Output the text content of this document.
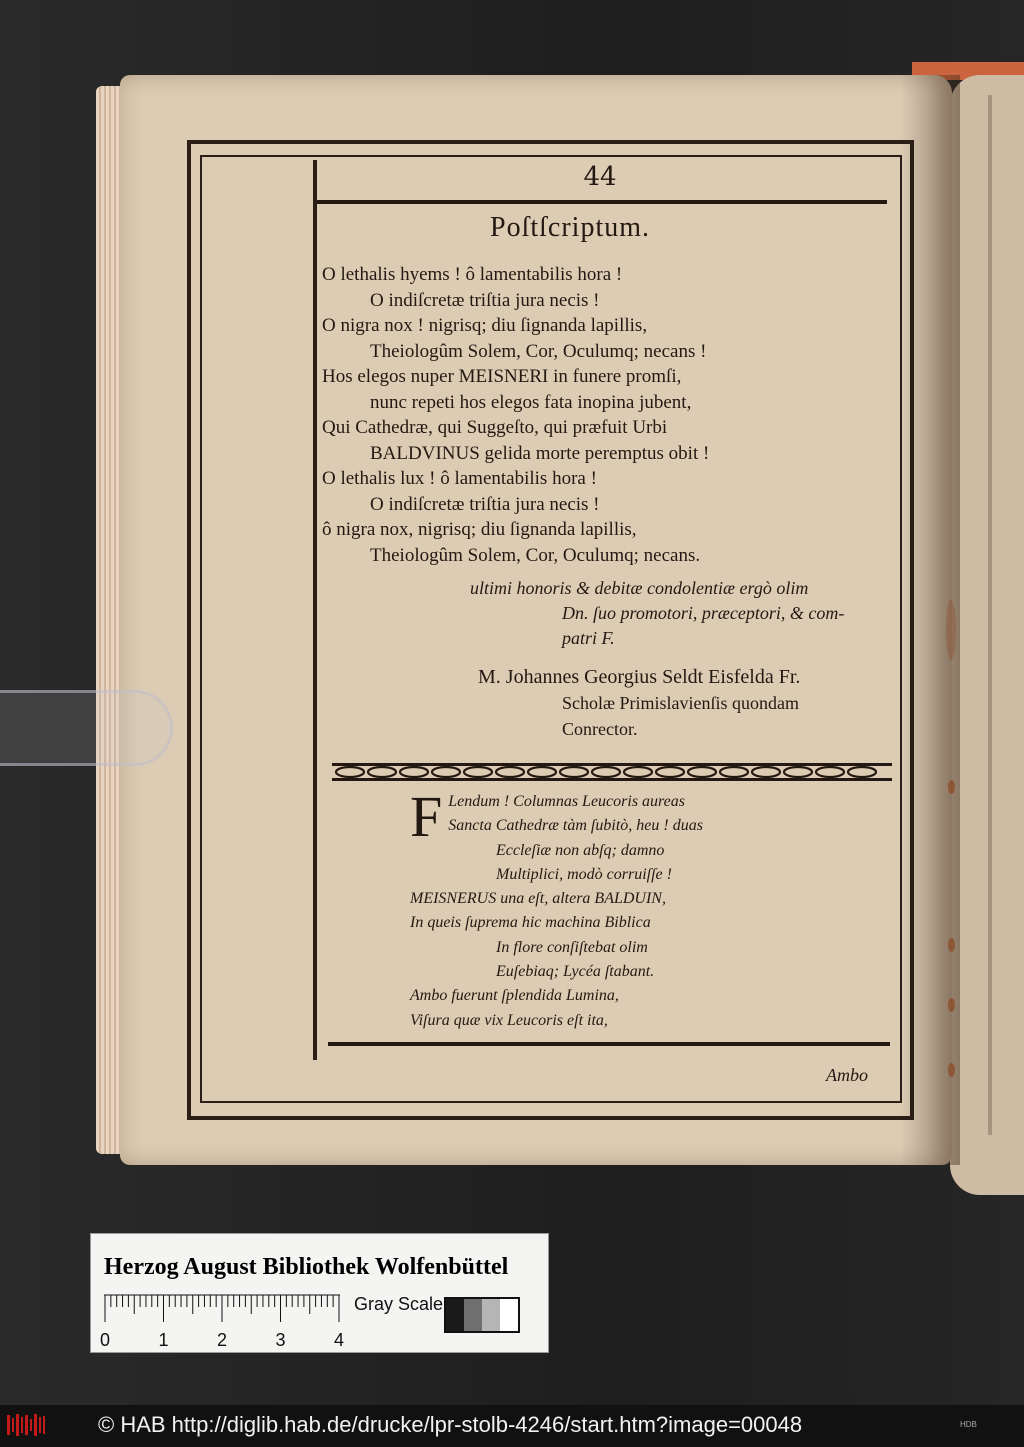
44
Poſtſcriptum.
O lethalis hyems ! ô lamentabilis hora !
O indiſcretæ triſtia jura necis !
O nigra nox ! nigrisq; diu ſignanda lapillis,
Theiologûm Solem, Cor, Oculumq; necans !
Hos elegos nuper MEISNERI in funere promſi,
nunc repeti hos elegos fata inopina jubent,
Qui Cathedræ, qui Suggeſto, qui præfuit Urbi
BALDVINUS gelida morte peremptus obit !
O lethalis lux ! ô lamentabilis hora !
O indiſcretæ triſtia jura necis !
ô nigra nox, nigrisq; diu ſignanda lapillis,
Theiologûm Solem, Cor, Oculumq; necans.
ultimi honoris & debitæ condolentiæ ergò olim
Dn. ſuo promotori, præceptori, & com-
patri F.
M. Johannes Georgius Seldt Eisfelda Fr.
Scholæ Primislavienſis quondam
Conrector.
F Lendum ! Columnas Leucoris aureas
Sancta Cathedræ tàm ſubitò, heu ! duas
Eccleſiæ non abſq; damno
Multiplici, modò corruiſſe !
MEISNERUS una eſt, altera BALDUIN,
In queis ſuprema hic machina Biblica
In flore conſiſtebat olim
Euſebiaq; Lycéa ſtabant.
Ambo fuerunt ſplendida Lumina,
Viſura quæ vix Leucoris eſt ita,
Ambo
Herzog August Bibliothek Wolfenbüttel
0	1	2	3	4
Gray Scale
© HAB http://diglib.hab.de/drucke/lpr-stolb-4246/start.htm?image=00048	HDB
